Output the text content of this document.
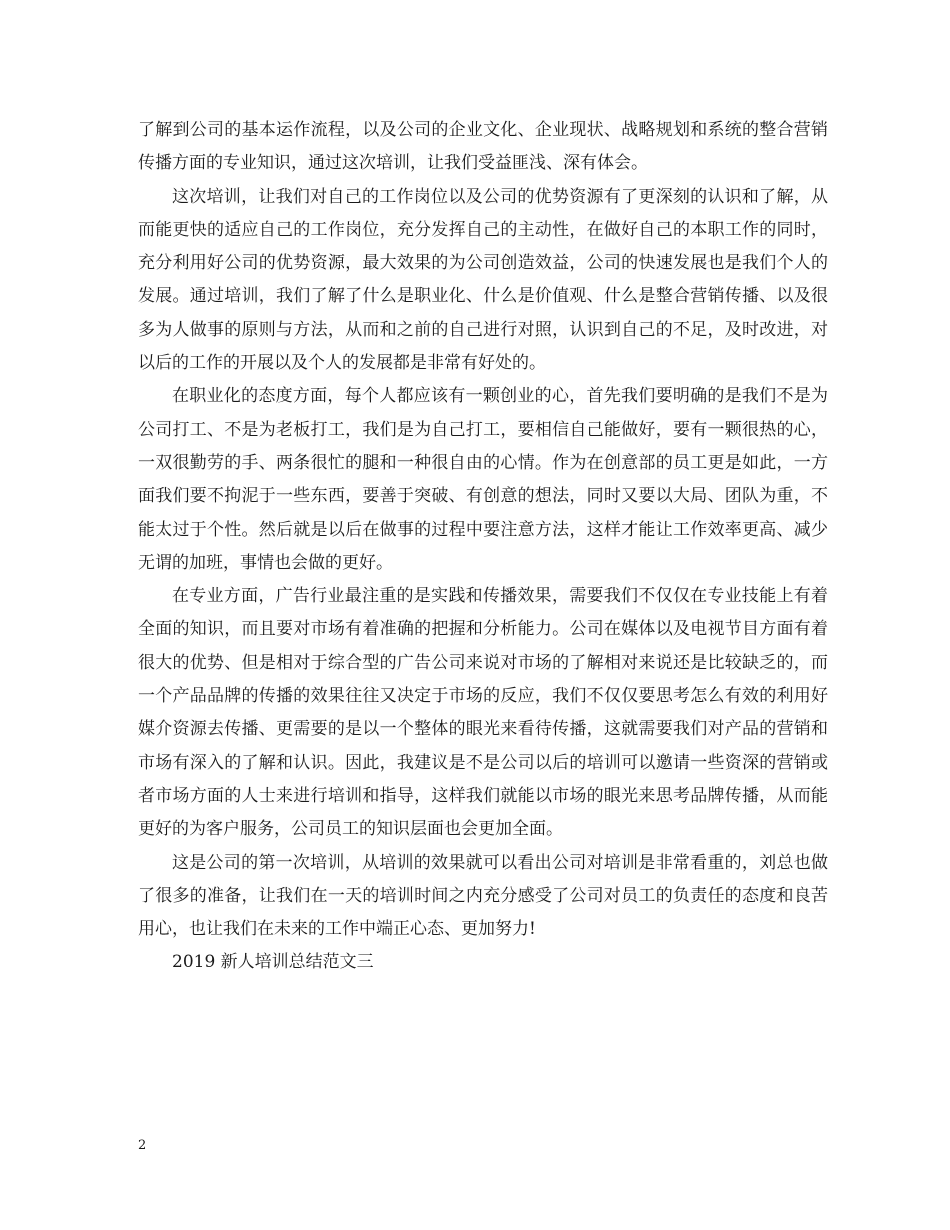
了解到公司的基本运作流程，以及公司的企业文化、企业现状、战略规划和系统的整合营销传播方面的专业知识，通过这次培训，让我们受益匪浅、深有体会。

这次培训，让我们对自己的工作岗位以及公司的优势资源有了更深刻的认识和了解，从而能更快的适应自己的工作岗位，充分发挥自己的主动性，在做好自己的本职工作的同时，充分利用好公司的优势资源，最大效果的为公司创造效益，公司的快速发展也是我们个人的发展。通过培训，我们了解了什么是职业化、什么是价值观、什么是整合营销传播、以及很多为人做事的原则与方法，从而和之前的自己进行对照，认识到自己的不足，及时改进，对以后的工作的开展以及个人的发展都是非常有好处的。

在职业化的态度方面，每个人都应该有一颗创业的心，首先我们要明确的是我们不是为公司打工、不是为老板打工，我们是为自己打工，要相信自己能做好，要有一颗很热的心，一双很勤劳的手、两条很忙的腿和一种很自由的心情。作为在创意部的员工更是如此，一方面我们要不拘泥于一些东西，要善于突破、有创意的想法，同时又要以大局、团队为重，不能太过于个性。然后就是以后在做事的过程中要注意方法，这样才能让工作效率更高、减少无谓的加班，事情也会做的更好。

在专业方面，广告行业最注重的是实践和传播效果，需要我们不仅仅在专业技能上有着全面的知识，而且要对市场有着准确的把握和分析能力。公司在媒体以及电视节目方面有着很大的优势、但是相对于综合型的广告公司来说对市场的了解相对来说还是比较缺乏的，而一个产品品牌的传播的效果往往又决定于市场的反应，我们不仅仅要思考怎么有效的利用好媒介资源去传播、更需要的是以一个整体的眼光来看待传播，这就需要我们对产品的营销和市场有深入的了解和认识。因此，我建议是不是公司以后的培训可以邀请一些资深的营销或者市场方面的人士来进行培训和指导，这样我们就能以市场的眼光来思考品牌传播，从而能更好的为客户服务，公司员工的知识层面也会更加全面。

这是公司的第一次培训，从培训的效果就可以看出公司对培训是非常看重的，刘总也做了很多的准备，让我们在一天的培训时间之内充分感受了公司对员工的负责任的态度和良苦用心，也让我们在未来的工作中端正心态、更加努力!

2019 新人培训总结范文三

2
